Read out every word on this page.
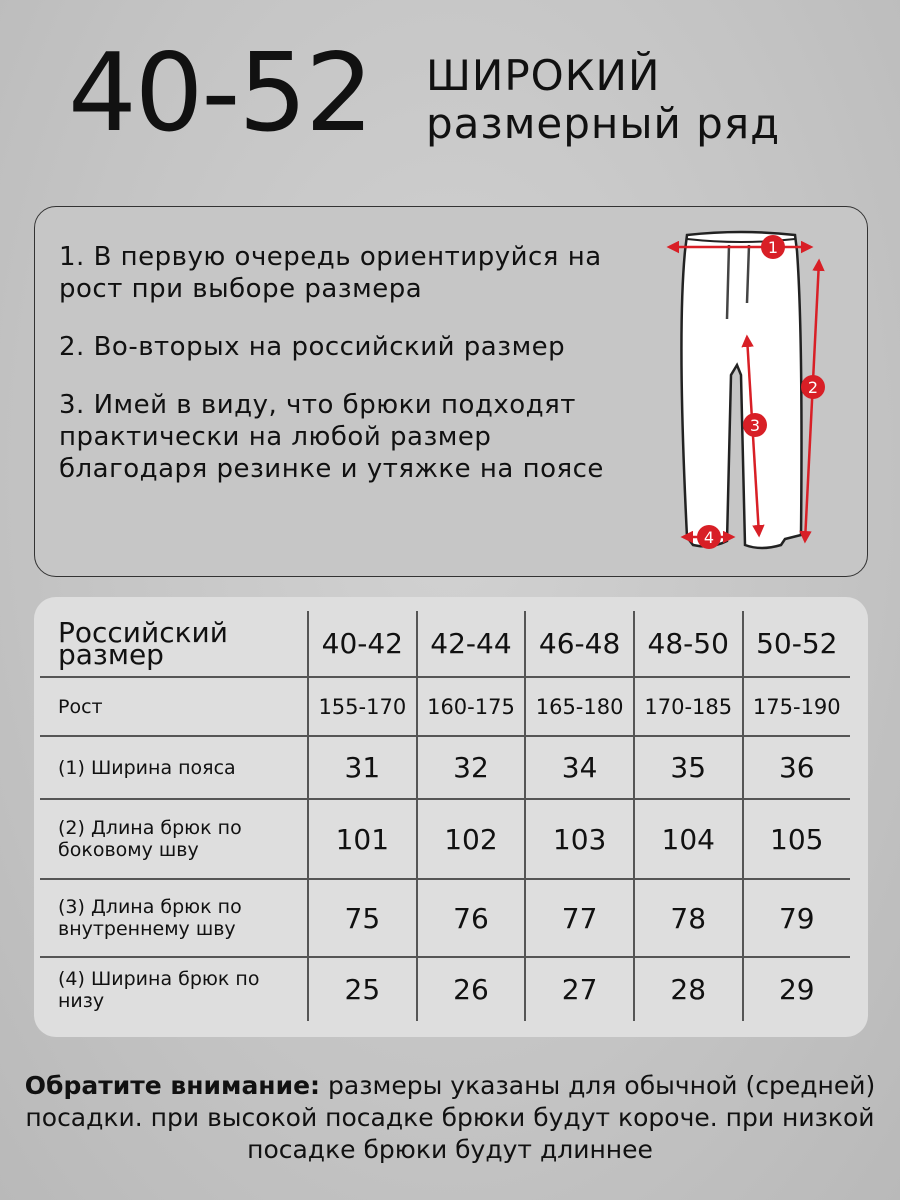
40-52 ШИРОКИЙ
размерный ряд

1. В первую очередь ориентируйся на рост при выборе размера

2. Во-вторых на российский размер

3. Имей в виду, что брюки подходят практически на любой размер благодаря резинке и утяжке на поясе

1
2
3
4
Российский размер	40-42	42-44	46-48	48-50	50-52
Рост	155-170	160-175	165-180	170-185	175-190
(1) Ширина пояса	31	32	34	35	36
(2) Длина брюк по боковому шву	101	102	103	104	105
(3) Длина брюк по внутреннему шву	75	76	77	78	79
(4) Ширина брюк по низу	25	26	27	28	29
Обратите внимание: размеры указаны для обычной (средней) посадки. при высокой посадке брюки будут короче. при низкой посадке брюки будут длиннее
